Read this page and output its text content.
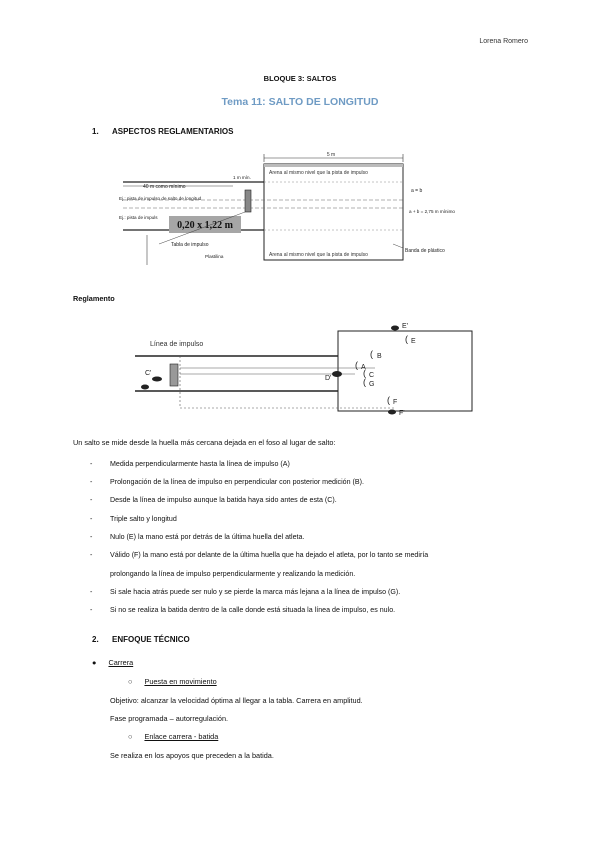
Lorena Romero
BLOQUE 3: SALTOS
Tema 11: SALTO DE LONGITUD
1. ASPECTOS REGLAMENTARIOS
5 m
Arena al mismo nivel que la pista de impulso
Arena al mismo nivel que la pista de impulso
40 m como mínimo
Ej.: pista de impulso de salto de longitud
Ej.: pista de impuls
1 m mín.
0,20 x 1,22 m
Tabla de impulso
Plastilina
a = b
a + b = 2,75 m mínimo
Banda de plástico
Reglamento
Línea de impulso
E'
( E
( B
( A
( C
( G
D'
C'
( F
F'
Un salto se mide desde la huella más cercana dejada en el foso al lugar de salto:
- Medida perpendicularmente hasta la línea de impulso (A)
- Prolongación de la línea de impulso en perpendicular con posterior medición (B).
- Desde la línea de impulso aunque la batida haya sido antes de esta (C).
- Triple salto y longitud
- Nulo (E) la mano está por detrás de la última huella del atleta.
- Válido (F) la mano está por delante de la última huella que ha dejado el atleta, por lo tanto se mediría
prolongando la línea de impulso perpendicularmente y realizando la medición.
- Si sale hacia atrás puede ser nulo y se pierde la marca más lejana a la línea de impulso (G).
- Si no se realiza la batida dentro de la calle donde está situada la línea de impulso, es nulo.
2. ENFOQUE TÉCNICO
● Carrera
○ Puesta en movimiento
Objetivo: alcanzar la velocidad óptima al llegar a la tabla. Carrera en amplitud.
Fase programada – autorregulación.
○ Enlace carrera - batida
Se realiza en los apoyos que preceden a la batida.
